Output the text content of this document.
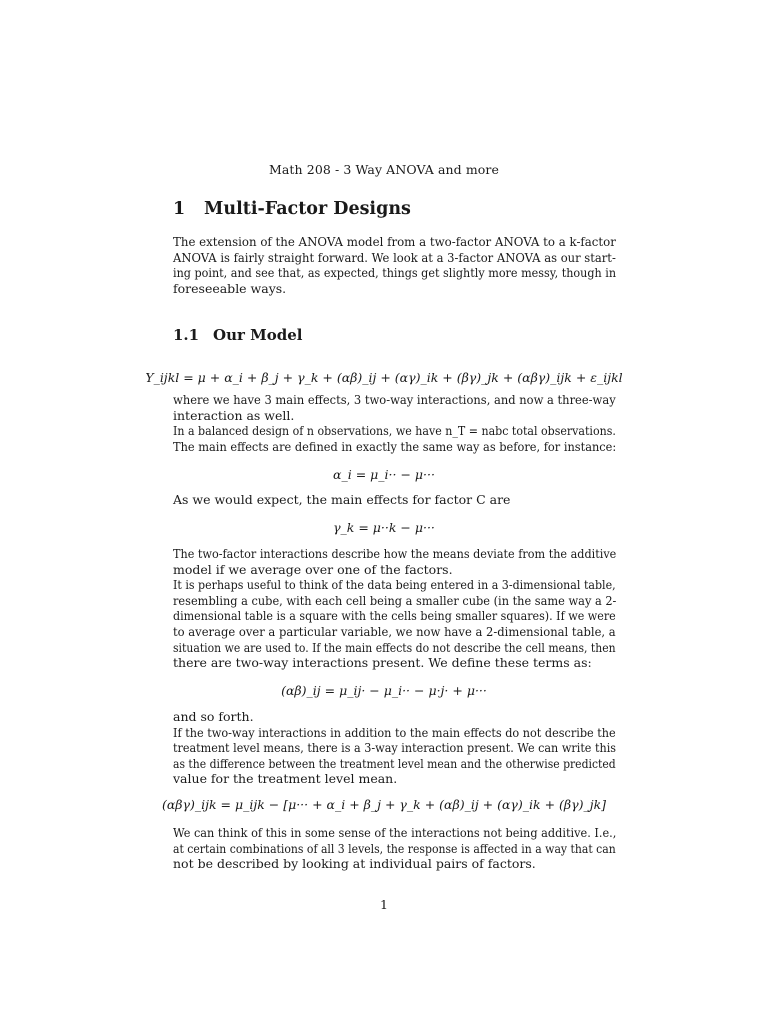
Math 208 - 3 Way ANOVA and more
1 Multi-Factor Designs
The extension of the ANOVA model from a two-factor ANOVA to a k-factor
ANOVA is fairly straight forward. We look at a 3-factor ANOVA as our start-
ing point, and see that, as expected, things get slightly more messy, though in
foreseeable ways.
1.1 Our Model
Y_ijkl = μ + α_i + β_j + γ_k + (αβ)_ij + (αγ)_ik + (βγ)_jk + (αβγ)_ijk + ε_ijkl
where we have 3 main effects, 3 two-way interactions, and now a three-way
interaction as well.
In a balanced design of n observations, we have n_T = nabc total observations.
The main effects are defined in exactly the same way as before, for instance:
α_i = μ_i·· − μ···
As we would expect, the main effects for factor C are
γ_k = μ··k − μ···
The two-factor interactions describe how the means deviate from the additive
model if we average over one of the factors.
It is perhaps useful to think of the data being entered in a 3-dimensional table,
resembling a cube, with each cell being a smaller cube (in the same way a 2-
dimensional table is a square with the cells being smaller squares). If we were
to average over a particular variable, we now have a 2-dimensional table, a
situation we are used to. If the main effects do not describe the cell means, then
there are two-way interactions present. We define these terms as:
(αβ)_ij = μ_ij· − μ_i·· − μ·j· + μ···
and so forth.
If the two-way interactions in addition to the main effects do not describe the
treatment level means, there is a 3-way interaction present. We can write this
as the difference between the treatment level mean and the otherwise predicted
value for the treatment level mean.
(αβγ)_ijk = μ_ijk − [μ··· + α_i + β_j + γ_k + (αβ)_ij + (αγ)_ik + (βγ)_jk]
We can think of this in some sense of the interactions not being additive. I.e.,
at certain combinations of all 3 levels, the response is affected in a way that can
not be described by looking at individual pairs of factors.
1
